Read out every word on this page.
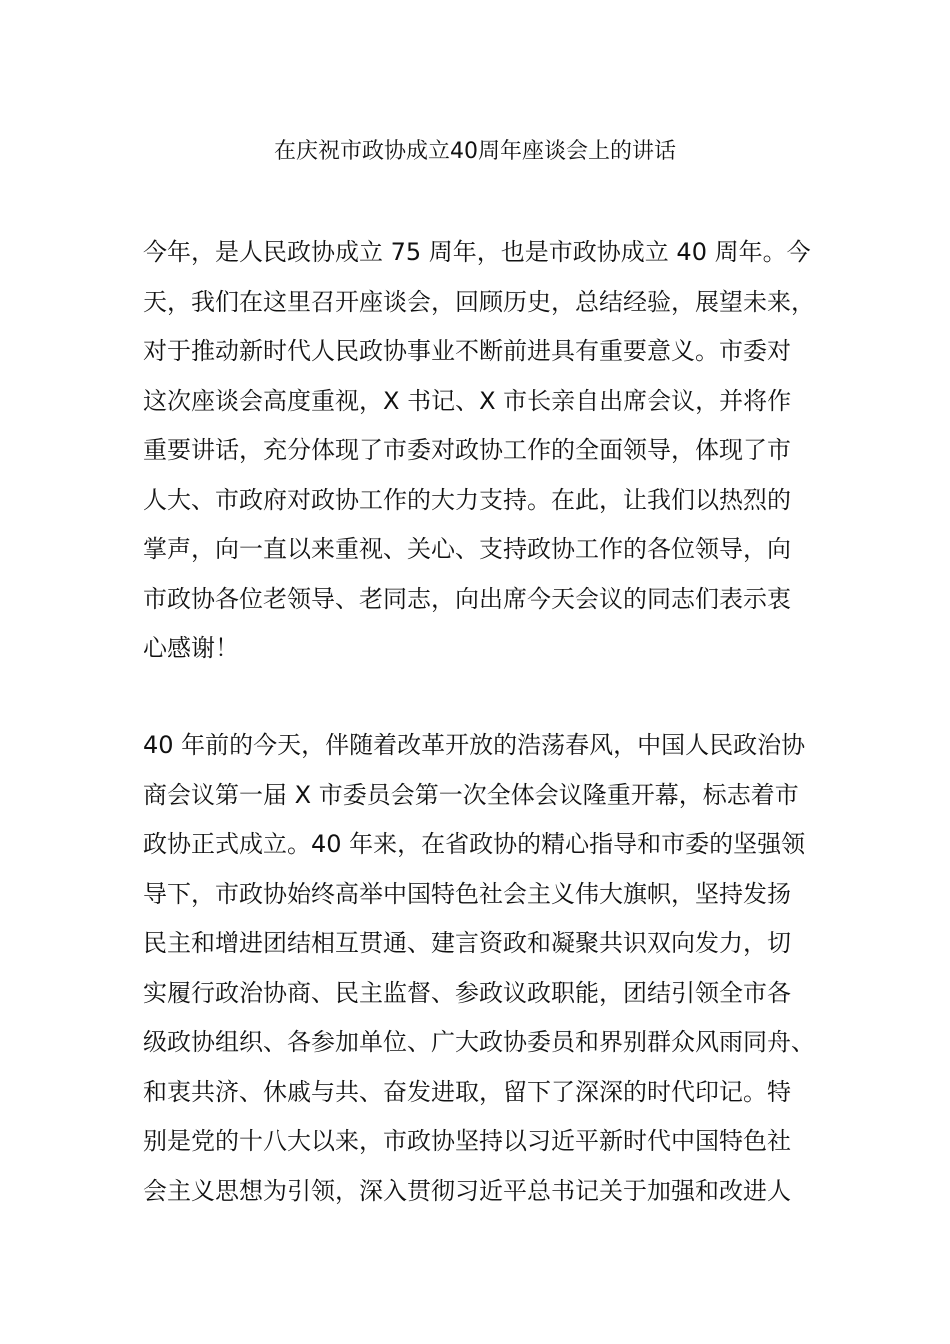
在庆祝市政协成立40周年座谈会上的讲话
今年，是人民政协成立 75 周年，也是市政协成立 40 周年。今
天，我们在这里召开座谈会，回顾历史，总结经验，展望未来，
对于推动新时代人民政协事业不断前进具有重要意义。市委对
这次座谈会高度重视，X 书记、X 市长亲自出席会议，并将作
重要讲话，充分体现了市委对政协工作的全面领导，体现了市
人大、市政府对政协工作的大力支持。在此，让我们以热烈的
掌声，向一直以来重视、关心、支持政协工作的各位领导，向
市政协各位老领导、老同志，向出席今天会议的同志们表示衷
心感谢！
40 年前的今天，伴随着改革开放的浩荡春风，中国人民政治协
商会议第一届 X 市委员会第一次全体会议隆重开幕，标志着市
政协正式成立。40 年来，在省政协的精心指导和市委的坚强领
导下，市政协始终高举中国特色社会主义伟大旗帜，坚持发扬
民主和增进团结相互贯通、建言资政和凝聚共识双向发力，切
实履行政治协商、民主监督、参政议政职能，团结引领全市各
级政协组织、各参加单位、广大政协委员和界别群众风雨同舟、
和衷共济、休戚与共、奋发进取，留下了深深的时代印记。特
别是党的十八大以来，市政协坚持以习近平新时代中国特色社
会主义思想为引领，深入贯彻习近平总书记关于加强和改进人
